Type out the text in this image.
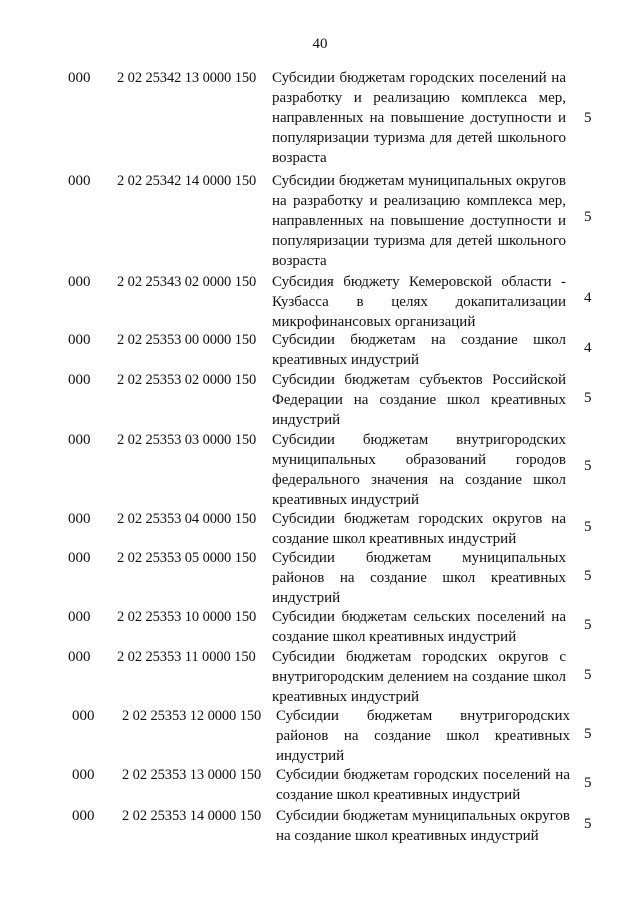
40
000 2 02 25342 13 0000 150 Субсидии бюджетам городских поселений на разработку и реализацию комплекса мер, направленных на повышение доступности и популяризации туризма для детей школьного возраста
5
000 2 02 25342 14 0000 150 Субсидии бюджетам муниципальных округов на разработку и реализацию комплекса мер, направленных на повышение доступности и популяризации туризма для детей школьного возраста
5
000 2 02 25343 02 0000 150 Субсидия бюджету Кемеровской области - Кузбасса в целях докапитализации микрофинансовых организаций
4
000 2 02 25353 00 0000 150 Субсидии бюджетам на создание школ креативных индустрий
4
000 2 02 25353 02 0000 150 Субсидии бюджетам субъектов Российской Федерации на создание школ креативных индустрий
5
000 2 02 25353 03 0000 150 Субсидии бюджетам внутригородских муниципальных образований городов федерального значения на создание школ креативных индустрий
5
000 2 02 25353 04 0000 150 Субсидии бюджетам городских округов на создание школ креативных индустрий
5
000 2 02 25353 05 0000 150 Субсидии бюджетам муниципальных районов на создание школ креативных индустрий
5
000 2 02 25353 10 0000 150 Субсидии бюджетам сельских поселений на создание школ креативных индустрий
5
000 2 02 25353 11 0000 150 Субсидии бюджетам городских округов с внутригородским делением на создание школ креативных индустрий
5
000 2 02 25353 12 0000 150 Субсидии бюджетам внутригородских районов на создание школ креативных индустрий
5
000 2 02 25353 13 0000 150 Субсидии бюджетам городских поселений на создание школ креативных индустрий
5
000 2 02 25353 14 0000 150 Субсидии бюджетам муниципальных округов на создание школ креативных индустрий
5
